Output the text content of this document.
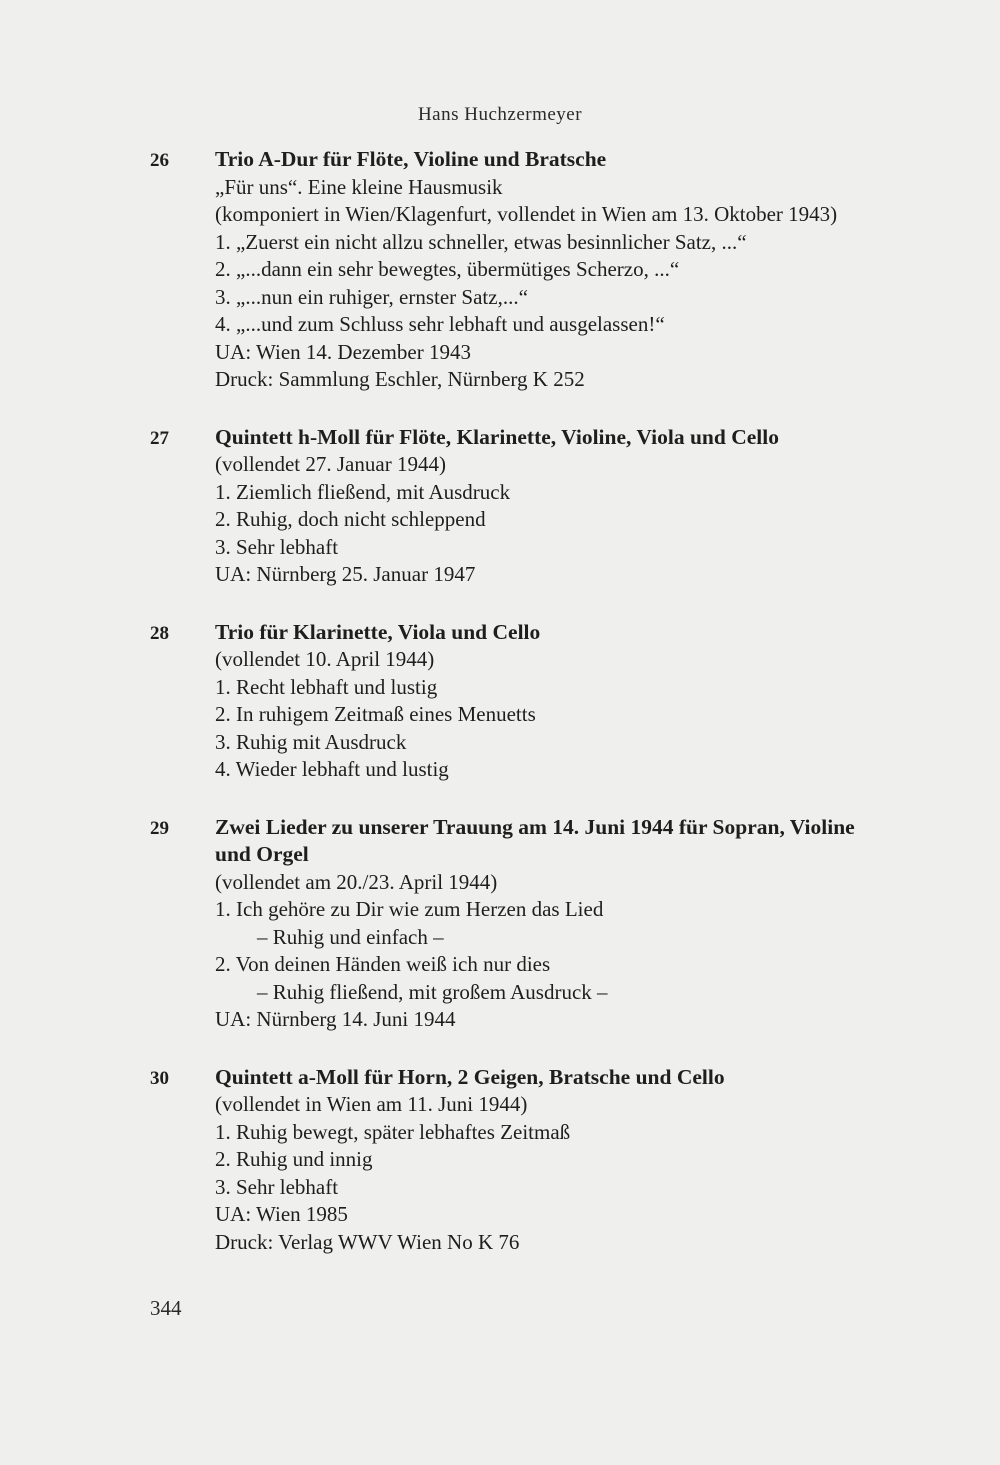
Hans Huchzermeyer
26	Trio A-Dur für Flöte, Violine und Bratsche
„Für uns“. Eine kleine Hausmusik
(komponiert in Wien/Klagenfurt, vollendet in Wien am 13. Oktober 1943)
1. „Zuerst ein nicht allzu schneller, etwas besinnlicher Satz, ...“
2. „...dann ein sehr bewegtes, übermütiges Scherzo, ...“
3. „...nun ein ruhiger, ernster Satz,...“
4. „...und zum Schluss sehr lebhaft und ausgelassen!“
UA: Wien 14. Dezember 1943
Druck: Sammlung Eschler, Nürnberg K 252
27	Quintett h-Moll für Flöte, Klarinette, Violine, Viola und Cello
(vollendet 27. Januar 1944)
1. Ziemlich fließend, mit Ausdruck
2. Ruhig, doch nicht schleppend
3. Sehr lebhaft
UA: Nürnberg 25. Januar 1947
28	Trio für Klarinette, Viola und Cello
(vollendet 10. April 1944)
1. Recht lebhaft und lustig
2. In ruhigem Zeitmaß eines Menuetts
3. Ruhig mit Ausdruck
4. Wieder lebhaft und lustig
29	Zwei Lieder zu unserer Trauung am 14. Juni 1944 für Sopran, Violine
und Orgel
(vollendet am 20./23. April 1944)
1. Ich gehöre zu Dir wie zum Herzen das Lied
– Ruhig und einfach –
2. Von deinen Händen weiß ich nur dies
– Ruhig fließend, mit großem Ausdruck –
UA: Nürnberg 14. Juni 1944
30	Quintett a-Moll für Horn, 2 Geigen, Bratsche und Cello
(vollendet in Wien am 11. Juni 1944)
1. Ruhig bewegt, später lebhaftes Zeitmaß
2. Ruhig und innig
3. Sehr lebhaft
UA: Wien 1985
Druck: Verlag WWV Wien No K 76
344
